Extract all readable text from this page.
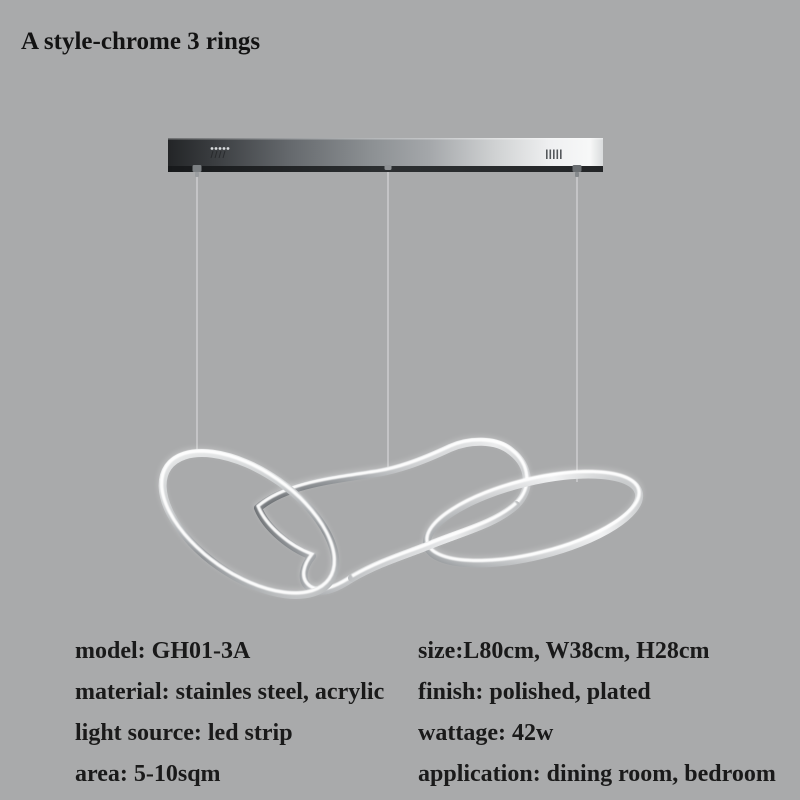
A style-chrome 3 rings

model: GH01-3A

material: stainles steel, acrylic

light source: led strip

area: 5-10sqm

size:L80cm, W38cm, H28cm

finish: polished, plated

wattage: 42w

application: dining room, bedroom
